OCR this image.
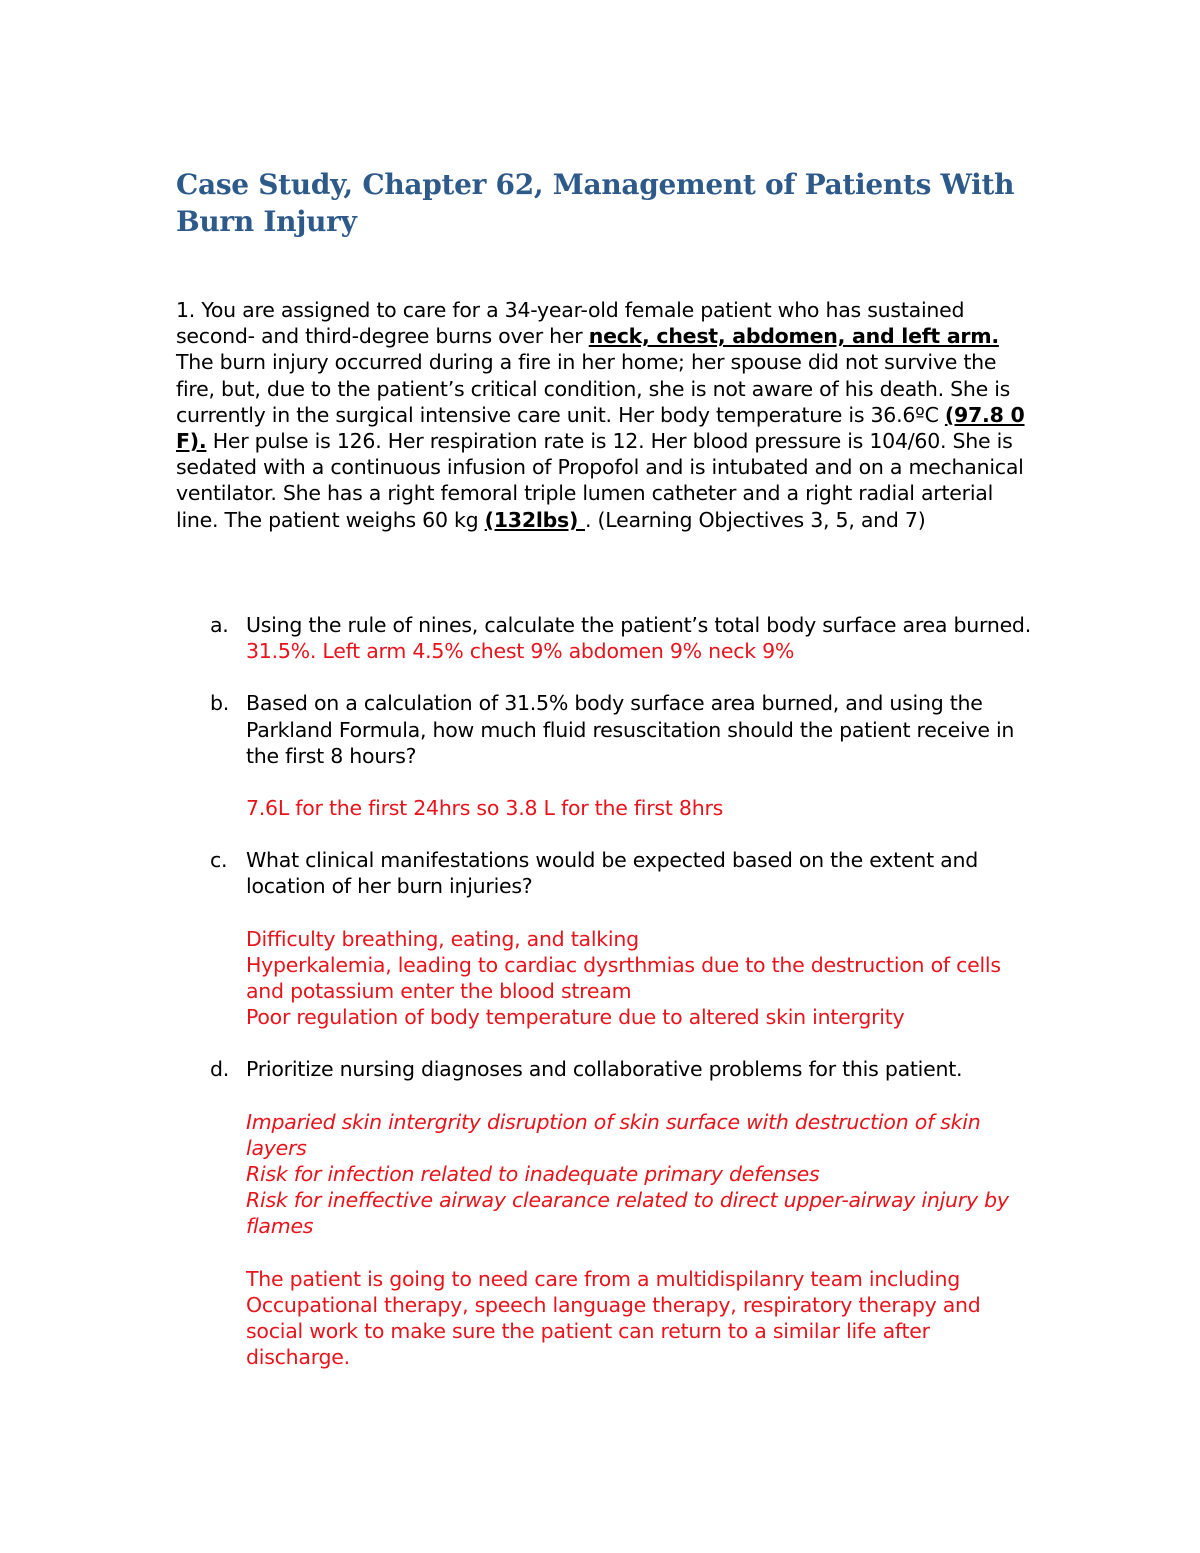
Case Study, Chapter 62, Management of Patients With Burn Injury

1. You are assigned to care for a 34-year-old female patient who has sustained second- and third-degree burns over her neck, chest, abdomen, and left arm. The burn injury occurred during a fire in her home; her spouse did not survive the fire, but, due to the patient’s critical condition, she is not aware of his death. She is currently in the surgical intensive care unit. Her body temperature is 36.6ºC (97.8 0 F). Her pulse is 126. Her respiration rate is 12. Her blood pressure is 104/60. She is sedated with a continuous infusion of Propofol and is intubated and on a mechanical ventilator. She has a right femoral triple lumen catheter and a right radial arterial line. The patient weighs 60 kg (132lbs) . (Learning Objectives 3, 5, and 7)

a. Using the rule of nines, calculate the patient’s total body surface area burned.
31.5%. Left arm 4.5% chest 9% abdomen 9% neck 9%
b. Based on a calculation of 31.5% body surface area burned, and using the Parkland Formula, how much fluid resuscitation should the patient receive in the first 8 hours?
7.6L for the first 24hrs so 3.8 L for the first 8hrs
c. What clinical manifestations would be expected based on the extent and location of her burn injuries?
Difficulty breathing, eating, and talking
Hyperkalemia, leading to cardiac dysrthmias due to the destruction of cells and potassium enter the blood stream
Poor regulation of body temperature due to altered skin intergrity
d. Prioritize nursing diagnoses and collaborative problems for this patient.
Imparied skin intergrity disruption of skin surface with destruction of skin layers
Risk for infection related to inadequate primary defenses
Risk for ineffective airway clearance related to direct upper-airway injury by flames
The patient is going to need care from a multidispilanry team including Occupational therapy, speech language therapy, respiratory therapy and social work to make sure the patient can return to a similar life after discharge.
